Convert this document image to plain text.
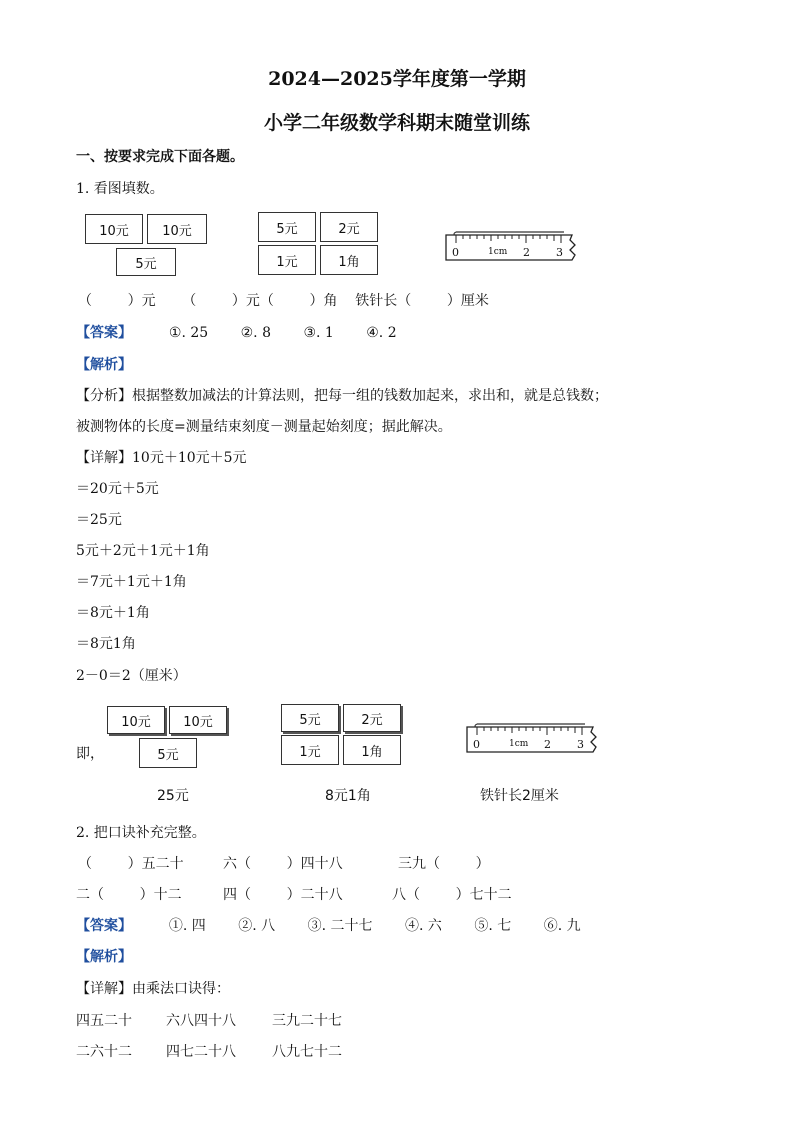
2024—2025学年度第一学期
小学二年级数学科期末随堂训练
一、按要求完成下面各题。
1. 看图填数。
10元	10元
5元
5元	2元
1元	1角
0	1cm 2 3
（        ）元      （        ）元（        ）角    铁针长（        ）厘米
【答案】	①. 25 ②. 8 ③. 1 ④. 2
【解析】
【分析】根据整数加减法的计算法则，把每一组的钱数加起来，求出和，就是总钱数；
被测物体的长度=测量结束刻度－测量起始刻度；据此解决。
【详解】10元＋10元＋5元
＝20元＋5元
＝25元
5元＋2元＋1元＋1角
＝7元＋1元＋1角
＝8元＋1角
＝8元1角
2－0＝2（厘米）
即，
10元	10元
5元
5元	2元
1元	1角	0	1cm 2 3
25元	8元1角	铁针长2厘米
2. 把口诀补充完整。
（        ）五二十	六（        ）四十八	三九（        ）
二（        ）十二	四（        ）二十八	八（        ）七十二
【答案】	①. 四 ②. 八 ③. 二十七 ④. 六 ⑤. 七 ⑥. 九
【解析】
【详解】由乘法口诀得：
四五二十 六八四十八	三九二十七
二六十二 四七二十八	八九七十二
